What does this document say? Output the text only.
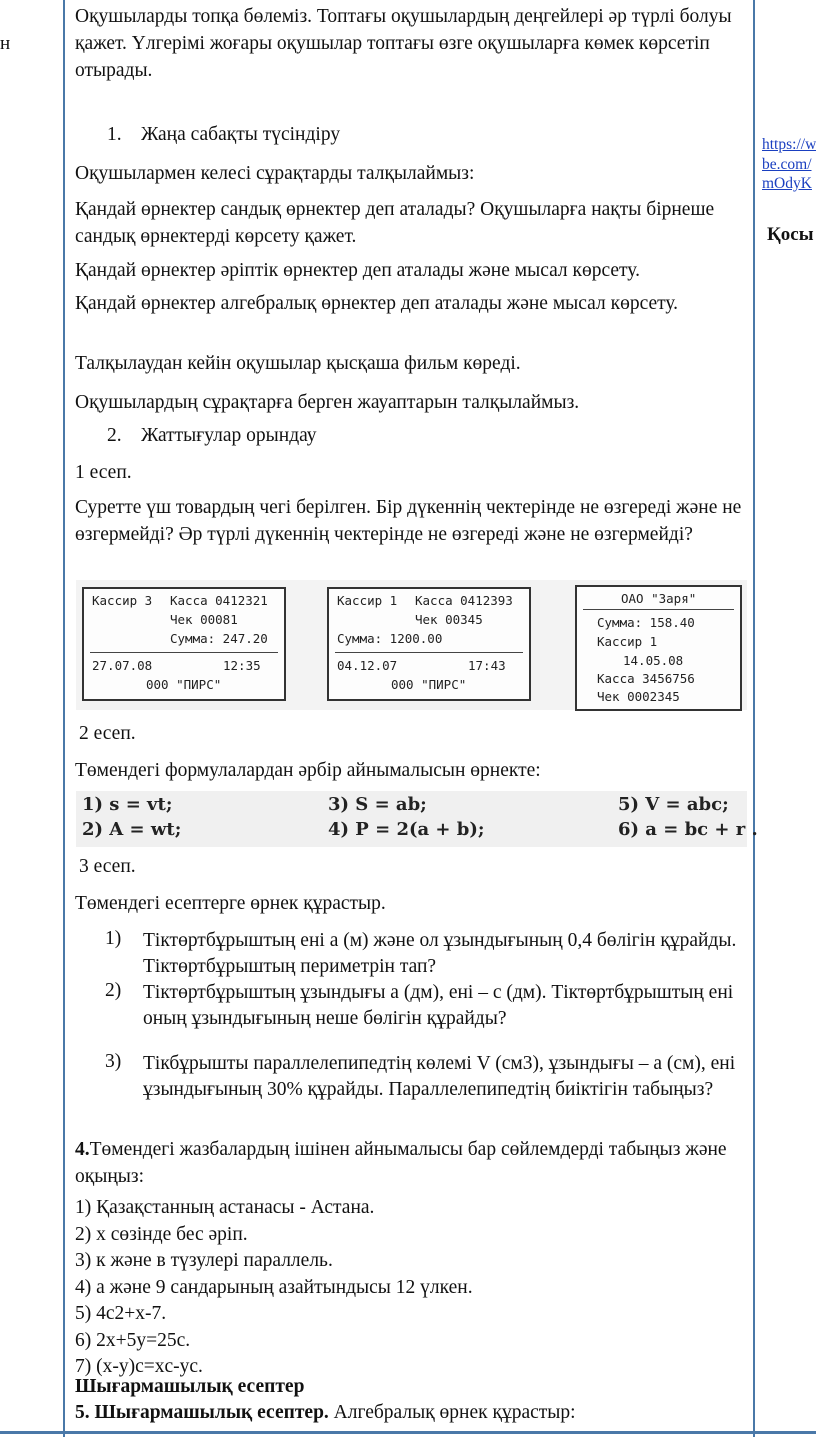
н
https://w
be.com/
mOdyK
Қосы

Оқушыларды топқа бөлеміз. Топтағы оқушылардың деңгейлері әр түрлі болуы қажет. Үлгерімі жоғары оқушылар топтағы өзге оқушыларға көмек көрсетіп отырады.

1. Жаңа сабақты түсіндіру

Оқушылармен келесі сұрақтарды талқылаймыз:

Қандай өрнектер сандық өрнектер деп аталады? Оқушыларға нақты бірнеше сандық өрнектерді көрсету қажет.

Қандай өрнектер әріптік өрнектер деп аталады және мысал көрсету.

Қандай өрнектер алгебралық өрнектер деп аталады және мысал көрсету.

Талқылаудан кейін оқушылар қысқаша фильм көреді.

Оқушылардың сұрақтарға берген жауаптарын талқылаймыз.

2. Жаттығулар орындау

1 есеп.

Суретте үш товардың чегі берілген. Бір дүкеннің чектерінде не өзгереді және не өзгермейді? Әр түрлі дүкеннің чектерінде не өзгереді және не өзгермейді?

Кассир 3 Касса 0412321
Чек 00081
Сумма: 247.20
27.07.08	12:35
000 "ПИРС"
Кассир 1 Касса 0412393
Чек 00345
Сумма: 1200.00
04.12.07	17:43
000 "ПИРС"
ОАО "Заря"
Сумма: 158.40
Кассир 1
14.05.08
Касса 3456756
Чек 0002345

2 есеп.

Төмендегі формулалардан әрбір айнымалысын өрнекте:

1) s = vt;
2) A = wt;
3) S = ab;
4) P = 2(a + b);
5) V = abc;
6) a = bc + r .

3 есеп.

Төмендегі есептерге өрнек құрастыр.

1) Тіктөртбұрыштың ені a (м) және ол ұзындығының 0,4 бөлігін құрайды. Тіктөртбұрыштың периметрін тап?
2) Тіктөртбұрыштың ұзындығы a (дм), ені – c (дм). Тіктөртбұрыштың ені оның ұзындығының неше бөлігін құрайды?
3) Тікбұрышты параллелепипедтің көлемі V (см3), ұзындығы – a (см), ені ұзындығының 30% құрайды. Параллелепипедтің биіктігін табыңыз?

4.Төмендегі жазбалардың ішінен айнымалысы бар сөйлемдерді табыңыз және оқыңыз:

1) Қазақстанның астанасы - Астана.

2) x сөзінде бес әріп.

3) к және в түзулері параллель.

4) a және 9 сандарының азайтындысы 12 үлкен.

5) 4c2+x-7.

6) 2x+5y=25c.

7) (x-y)c=xc-yc.

Шығармашылық есептер

5. Шығармашылық есептер. Алгебралық өрнек құрастыр:
